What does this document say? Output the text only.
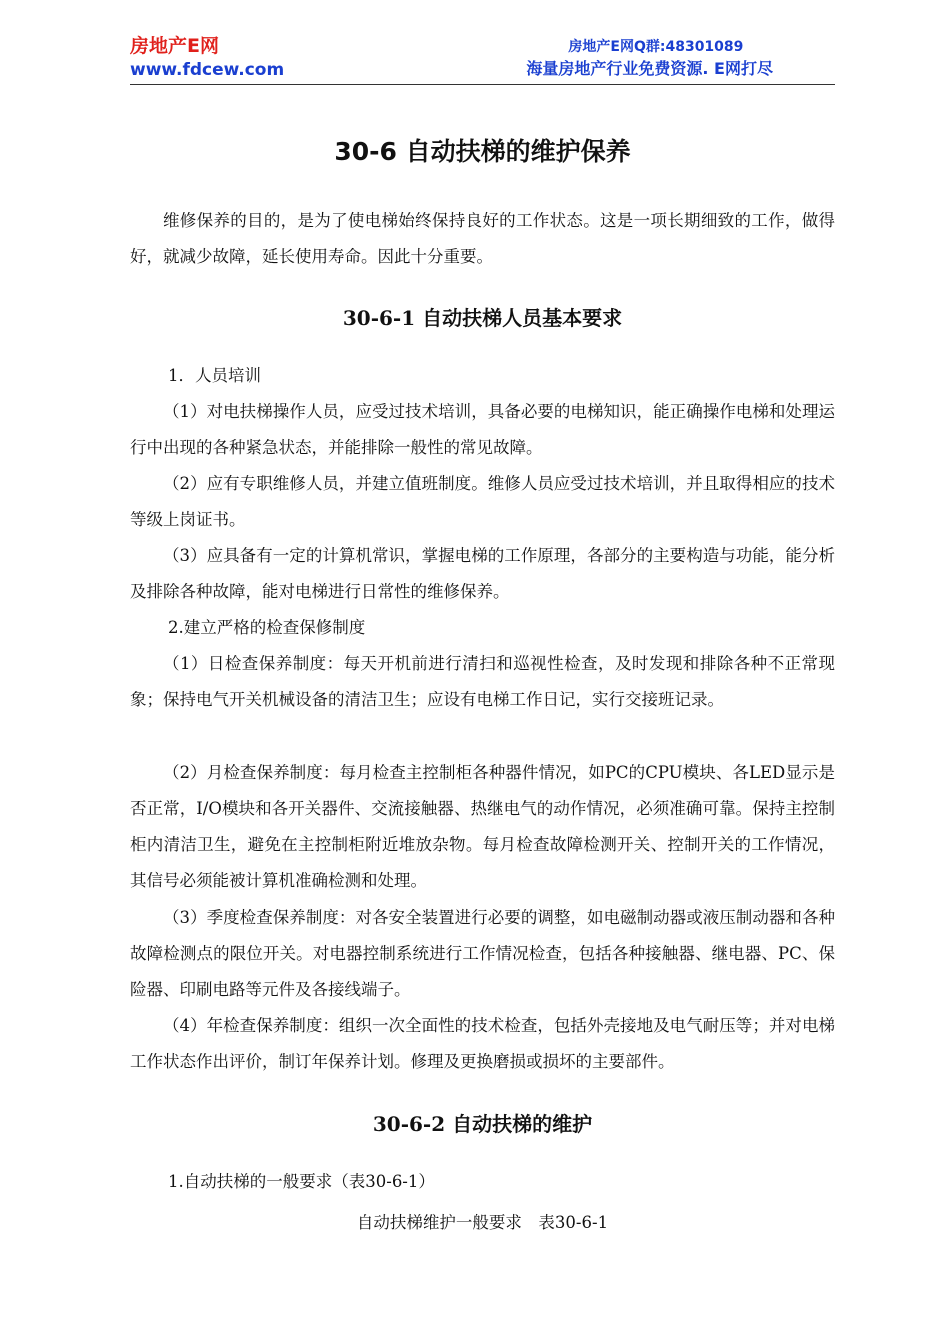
房地产E网
www.fdcew.com
房地产E网Q群:48301089
海量房地产行业免费资源. E网打尽
30-6 自动扶梯的维护保养

维修保养的目的，是为了使电梯始终保持良好的工作状态。这是一项长期细致的工作，做得好，就减少故障，延长使用寿命。因此十分重要。

30-6-1 自动扶梯人员基本要求

1．人员培训

（1）对电扶梯操作人员，应受过技术培训，具备必要的电梯知识，能正确操作电梯和处理运行中出现的各种紧急状态，并能排除一般性的常见故障。

（2）应有专职维修人员，并建立值班制度。维修人员应受过技术培训，并且取得相应的技术等级上岗证书。

（3）应具备有一定的计算机常识，掌握电梯的工作原理，各部分的主要构造与功能，能分析及排除各种故障，能对电梯进行日常性的维修保养。

2.建立严格的检查保修制度

（1）日检查保养制度：每天开机前进行清扫和巡视性检查，及时发现和排除各种不正常现象；保持电气开关机械设备的清洁卫生；应设有电梯工作日记，实行交接班记录。

（2）月检查保养制度：每月检查主控制柜各种器件情况，如PC的CPU模块、各LED显示是否正常，I/O模块和各开关器件、交流接触器、热继电气的动作情况，必须准确可靠。保持主控制柜内清洁卫生，避免在主控制柜附近堆放杂物。每月检查故障检测开关、控制开关的工作情况，其信号必须能被计算机准确检测和处理。

（3）季度检查保养制度：对各安全装置进行必要的调整，如电磁制动器或液压制动器和各种故障检测点的限位开关。对电器控制系统进行工作情况检查，包括各种接触器、继电器、PC、保险器、印刷电路等元件及各接线端子。

（4）年检查保养制度：组织一次全面性的技术检查，包括外壳接地及电气耐压等；并对电梯工作状态作出评价，制订年保养计划。修理及更换磨损或损坏的主要部件。

30-6-2 自动扶梯的维护

1.自动扶梯的一般要求（表30-6-1）

自动扶梯维护一般要求　表30-6-1
